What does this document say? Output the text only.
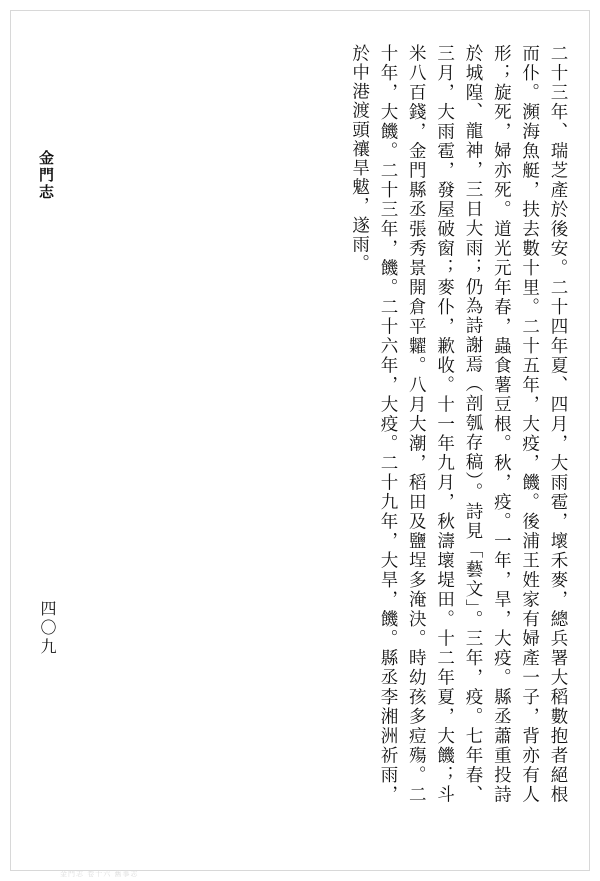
二十三年、瑞芝產於後安。二十四年夏、四月，大雨雹，壞禾麥，總兵署大稻數抱者絕根而仆。瀕海魚艇，扶去數十里。二十五年，大疫，饑。後浦王姓家有婦產一子，背亦有人形；旋死，婦亦死。道光元年春，蟲食薯豆根。秋，疫。一年，旱，大疫。縣丞蕭重投詩於城隍、龍神，三日大雨；仍為詩謝焉（剖瓠存稿）。詩見「藝文」。三年，疫。七年春、三月，大雨雹，發屋破窗；麥仆，歉收。十一年九月，秋濤壞堤田。十二年夏，大饑；斗米八百錢，金門縣丞張秀景開倉平糶。八月大潮，稻田及鹽埕多淹決。時幼孩多痘殤。二十年，大饑。二十三年，饑。二十六年，大疫。二十九年，大旱，饑。縣丞李湘洲祈雨，於中港渡頭禳旱魃，遂雨。

金門志
四〇九
金門志 卷十六 舊事志
